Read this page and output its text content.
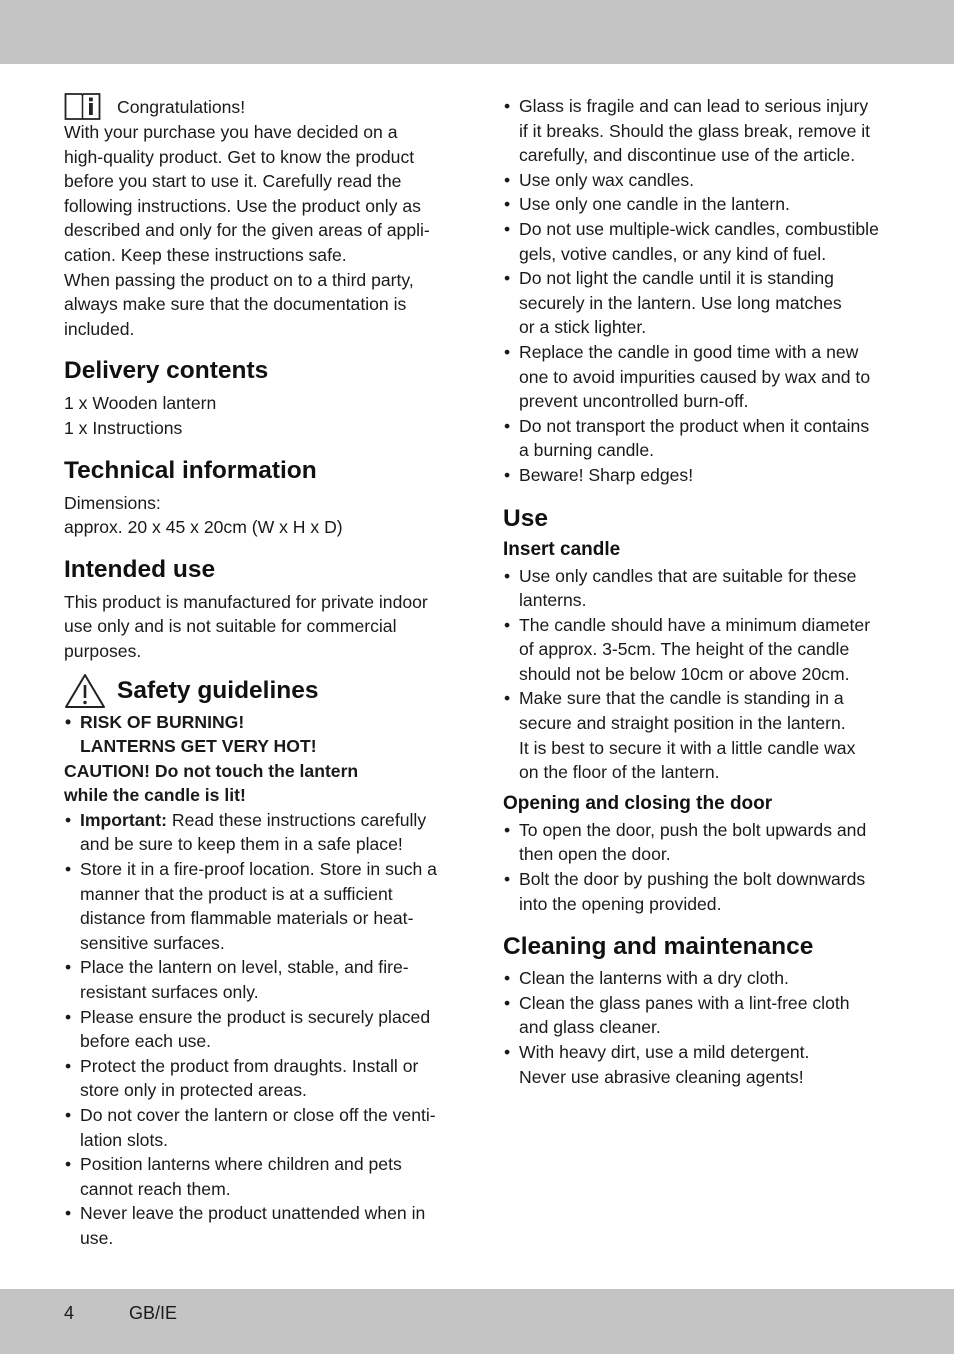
Congratulations!
With your purchase you have decided on a
high-quality product. Get to know the product
before you start to use it. Carefully read the
following instructions. Use the product only as
described and only for the given areas of appli-
cation. Keep these instructions safe.
When passing the product on to a third party,
always make sure that the documentation is
included.
Delivery contents
1 x Wooden lantern
1 x Instructions
Technical information

Dimensions:

approx. 20 x 45 x 20cm (W x H x D)

Intended use
This product is manufactured for private indoor
use only and is not suitable for commercial
purposes.
Safety guidelines
• RISK OF BURNING!
LANTERNS GET VERY HOT!
CAUTION! Do not touch the lantern
while the candle is lit!
• Important: Read these instructions carefully
and be sure to keep them in a safe place!
• Store it in a fire-proof location. Store in such a
manner that the product is at a sufficient
distance from flammable materials or heat-
sensitive surfaces.
• Place the lantern on level, stable, and fire-
resistant surfaces only.
• Please ensure the product is securely placed
before each use.
• Protect the product from draughts. Install or
store only in protected areas.
• Do not cover the lantern or close off the venti-
lation slots.
• Position lanterns where children and pets
cannot reach them.
• Never leave the product unattended when in
use.
• Glass is fragile and can lead to serious injury
if it breaks. Should the glass break, remove it
carefully, and discontinue use of the article.
• Use only wax candles.
• Use only one candle in the lantern.
• Do not use multiple-wick candles, combustible
gels, votive candles, or any kind of fuel.
• Do not light the candle until it is standing
securely in the lantern. Use long matches
or a stick lighter.
• Replace the candle in good time with a new
one to avoid impurities caused by wax and to
prevent uncontrolled burn-off.
• Do not transport the product when it contains
a burning candle.
• Beware! Sharp edges!
Use
Insert candle
• Use only candles that are suitable for these
lanterns.
• The candle should have a minimum diameter
of approx. 3-5cm. The height of the candle
should not be below 10cm or above 20cm.
• Make sure that the candle is standing in a
secure and straight position in the lantern.
It is best to secure it with a little candle wax
on the floor of the lantern.
Opening and closing the door
• To open the door, push the bolt upwards and
then open the door.
• Bolt the door by pushing the bolt downwards
into the opening provided.
Cleaning and maintenance
• Clean the lanterns with a dry cloth.
• Clean the glass panes with a lint-free cloth
and glass cleaner.
• With heavy dirt, use a mild detergent.
Never use abrasive cleaning agents!
4	GB/IE
